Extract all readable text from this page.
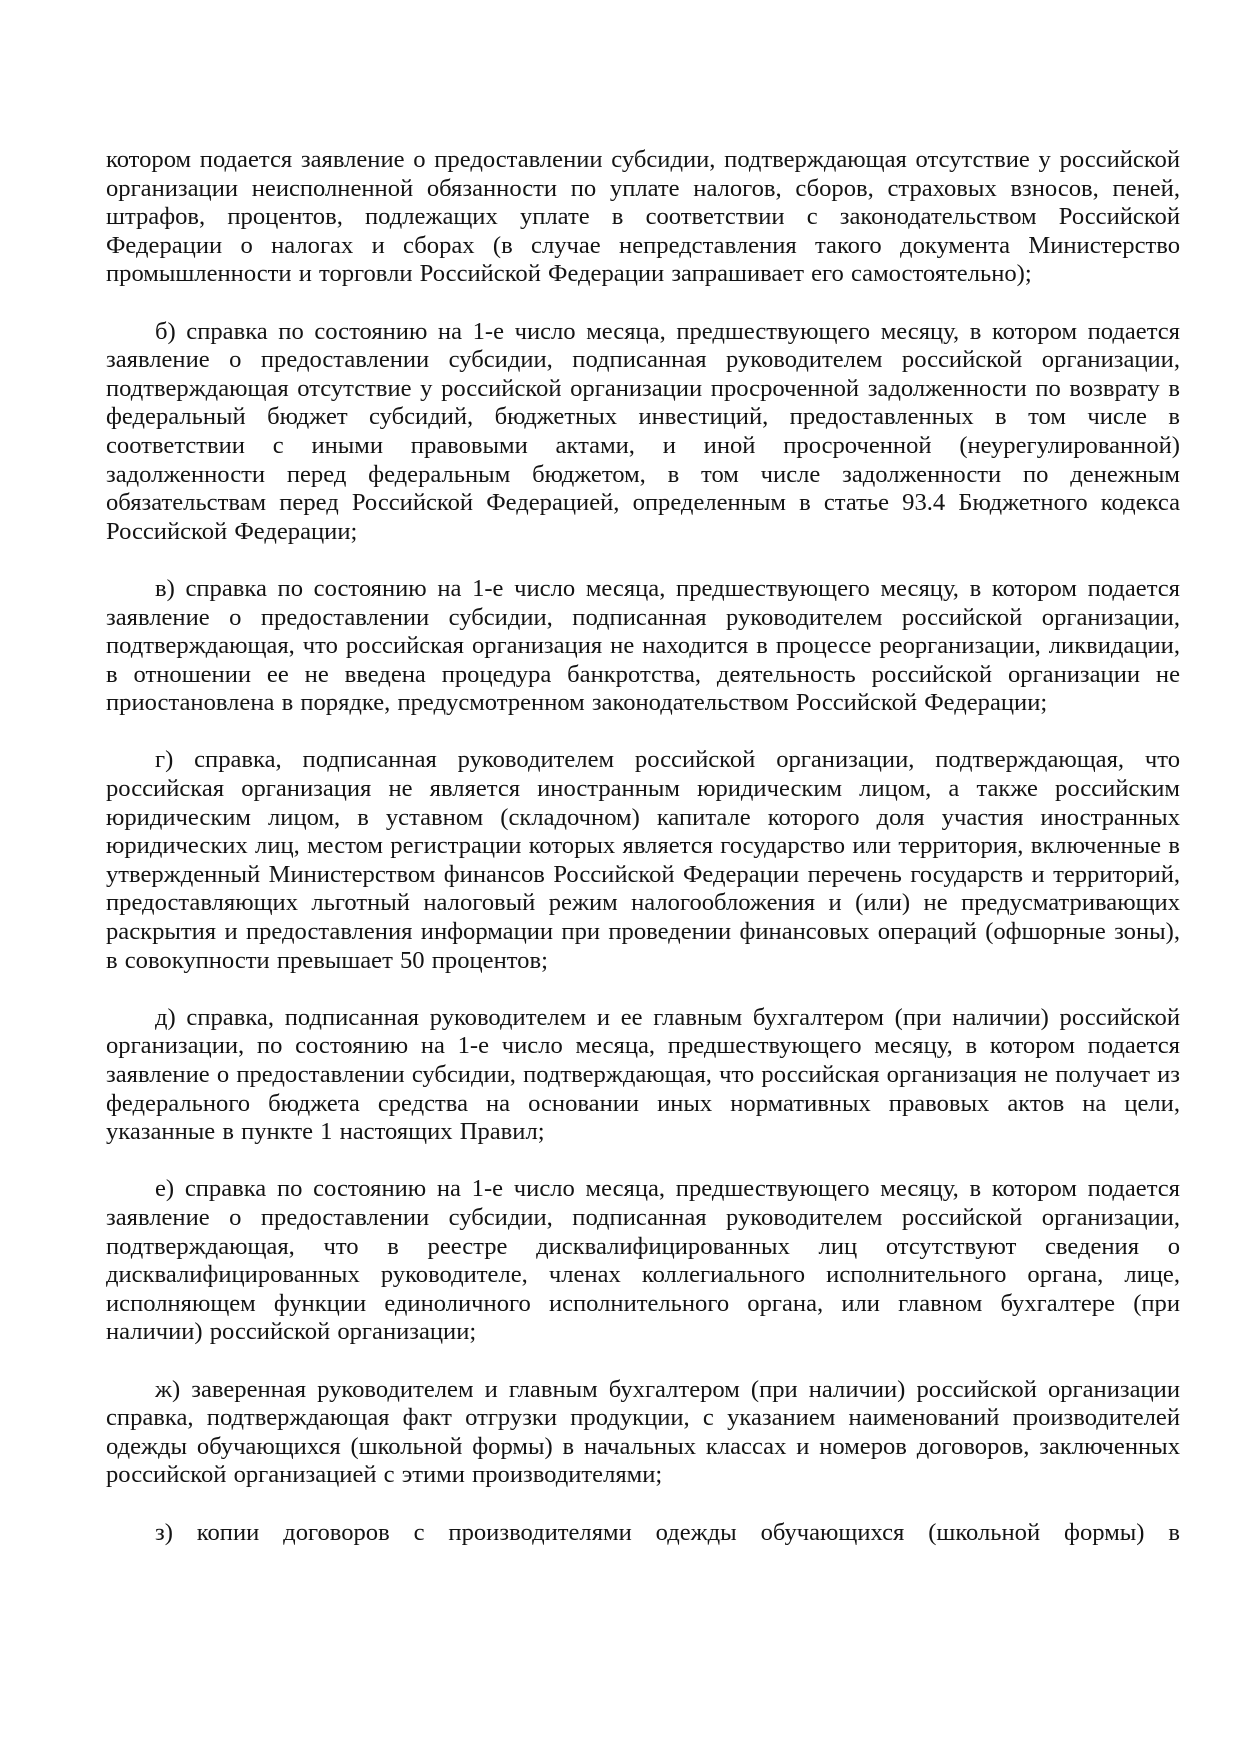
котором подается заявление о предоставлении субсидии, подтверждающая отсутствие у российской организации неисполненной обязанности по уплате налогов, сборов, страховых взносов, пеней, штрафов, процентов, подлежащих уплате в соответствии с законодательством Российской Федерации о налогах и сборах (в случае непредставления такого документа Министерство промышленности и торговли Российской Федерации запрашивает его самостоятельно);

б) справка по состоянию на 1-е число месяца, предшествующего месяцу, в котором подается заявление о предоставлении субсидии, подписанная руководителем российской организации, подтверждающая отсутствие у российской организации просроченной задолженности по возврату в федеральный бюджет субсидий, бюджетных инвестиций, предоставленных в том числе в соответствии с иными правовыми актами, и иной просроченной (неурегулированной) задолженности перед федеральным бюджетом, в том числе задолженности по денежным обязательствам перед Российской Федерацией, определенным в статье 93.4 Бюджетного кодекса Российской Федерации;

в) справка по состоянию на 1-е число месяца, предшествующего месяцу, в котором подается заявление о предоставлении субсидии, подписанная руководителем российской организации, подтверждающая, что российская организация не находится в процессе реорганизации, ликвидации, в отношении ее не введена процедура банкротства, деятельность российской организации не приостановлена в порядке, предусмотренном законодательством Российской Федерации;

г) справка, подписанная руководителем российской организации, подтверждающая, что российская организация не является иностранным юридическим лицом, а также российским юридическим лицом, в уставном (складочном) капитале которого доля участия иностранных юридических лиц, местом регистрации которых является государство или территория, включенные в утвержденный Министерством финансов Российской Федерации перечень государств и территорий, предоставляющих льготный налоговый режим налогообложения и (или) не предусматривающих раскрытия и предоставления информации при проведении финансовых операций (офшорные зоны), в совокупности превышает 50 процентов;

д) справка, подписанная руководителем и ее главным бухгалтером (при наличии) российской организации, по состоянию на 1-е число месяца, предшествующего месяцу, в котором подается заявление о предоставлении субсидии, подтверждающая, что российская организация не получает из федерального бюджета средства на основании иных нормативных правовых актов на цели, указанные в пункте 1 настоящих Правил;

е) справка по состоянию на 1-е число месяца, предшествующего месяцу, в котором подается заявление о предоставлении субсидии, подписанная руководителем российской организации, подтверждающая, что в реестре дисквалифицированных лиц отсутствуют сведения о дисквалифицированных руководителе, членах коллегиального исполнительного органа, лице, исполняющем функции единоличного исполнительного органа, или главном бухгалтере (при наличии) российской организации;

ж) заверенная руководителем и главным бухгалтером (при наличии) российской организации справка, подтверждающая факт отгрузки продукции, с указанием наименований производителей одежды обучающихся (школьной формы) в начальных классах и номеров договоров, заключенных российской организацией с этими производителями;

з) копии договоров с производителями одежды обучающихся (школьной формы) в
